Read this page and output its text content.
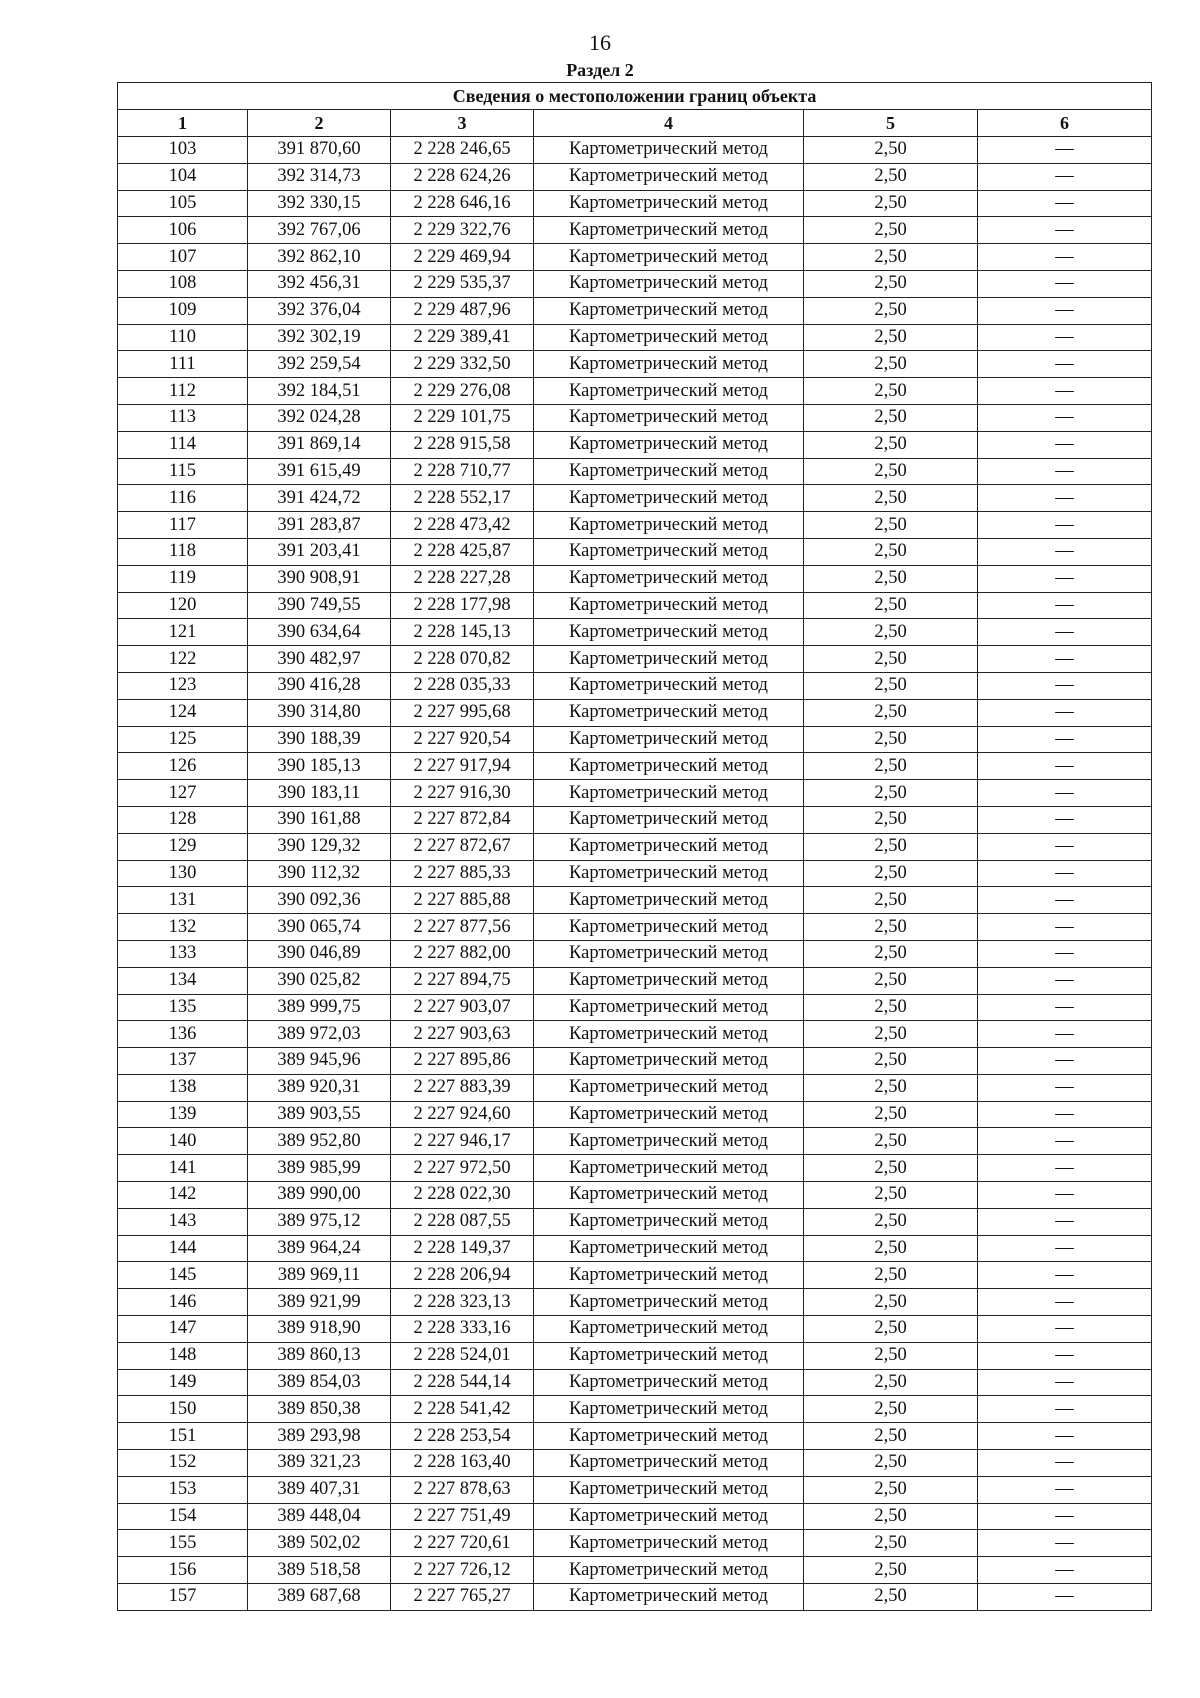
16
Раздел 2
Сведения о местоположении границ объекта					
1	2	3	4	5	6
103	391 870,60	2 228 246,65	Картометрический метод	2,50	—
104	392 314,73	2 228 624,26	Картометрический метод	2,50	—
105	392 330,15	2 228 646,16	Картометрический метод	2,50	—
106	392 767,06	2 229 322,76	Картометрический метод	2,50	—
107	392 862,10	2 229 469,94	Картометрический метод	2,50	—
108	392 456,31	2 229 535,37	Картометрический метод	2,50	—
109	392 376,04	2 229 487,96	Картометрический метод	2,50	—
110	392 302,19	2 229 389,41	Картометрический метод	2,50	—
111	392 259,54	2 229 332,50	Картометрический метод	2,50	—
112	392 184,51	2 229 276,08	Картометрический метод	2,50	—
113	392 024,28	2 229 101,75	Картометрический метод	2,50	—
114	391 869,14	2 228 915,58	Картометрический метод	2,50	—
115	391 615,49	2 228 710,77	Картометрический метод	2,50	—
116	391 424,72	2 228 552,17	Картометрический метод	2,50	—
117	391 283,87	2 228 473,42	Картометрический метод	2,50	—
118	391 203,41	2 228 425,87	Картометрический метод	2,50	—
119	390 908,91	2 228 227,28	Картометрический метод	2,50	—
120	390 749,55	2 228 177,98	Картометрический метод	2,50	—
121	390 634,64	2 228 145,13	Картометрический метод	2,50	—
122	390 482,97	2 228 070,82	Картометрический метод	2,50	—
123	390 416,28	2 228 035,33	Картометрический метод	2,50	—
124	390 314,80	2 227 995,68	Картометрический метод	2,50	—
125	390 188,39	2 227 920,54	Картометрический метод	2,50	—
126	390 185,13	2 227 917,94	Картометрический метод	2,50	—
127	390 183,11	2 227 916,30	Картометрический метод	2,50	—
128	390 161,88	2 227 872,84	Картометрический метод	2,50	—
129	390 129,32	2 227 872,67	Картометрический метод	2,50	—
130	390 112,32	2 227 885,33	Картометрический метод	2,50	—
131	390 092,36	2 227 885,88	Картометрический метод	2,50	—
132	390 065,74	2 227 877,56	Картометрический метод	2,50	—
133	390 046,89	2 227 882,00	Картометрический метод	2,50	—
134	390 025,82	2 227 894,75	Картометрический метод	2,50	—
135	389 999,75	2 227 903,07	Картометрический метод	2,50	—
136	389 972,03	2 227 903,63	Картометрический метод	2,50	—
137	389 945,96	2 227 895,86	Картометрический метод	2,50	—
138	389 920,31	2 227 883,39	Картометрический метод	2,50	—
139	389 903,55	2 227 924,60	Картометрический метод	2,50	—
140	389 952,80	2 227 946,17	Картометрический метод	2,50	—
141	389 985,99	2 227 972,50	Картометрический метод	2,50	—
142	389 990,00	2 228 022,30	Картометрический метод	2,50	—
143	389 975,12	2 228 087,55	Картометрический метод	2,50	—
144	389 964,24	2 228 149,37	Картометрический метод	2,50	—
145	389 969,11	2 228 206,94	Картометрический метод	2,50	—
146	389 921,99	2 228 323,13	Картометрический метод	2,50	—
147	389 918,90	2 228 333,16	Картометрический метод	2,50	—
148	389 860,13	2 228 524,01	Картометрический метод	2,50	—
149	389 854,03	2 228 544,14	Картометрический метод	2,50	—
150	389 850,38	2 228 541,42	Картометрический метод	2,50	—
151	389 293,98	2 228 253,54	Картометрический метод	2,50	—
152	389 321,23	2 228 163,40	Картометрический метод	2,50	—
153	389 407,31	2 227 878,63	Картометрический метод	2,50	—
154	389 448,04	2 227 751,49	Картометрический метод	2,50	—
155	389 502,02	2 227 720,61	Картометрический метод	2,50	—
156	389 518,58	2 227 726,12	Картометрический метод	2,50	—
157	389 687,68	2 227 765,27	Картометрический метод	2,50	—
